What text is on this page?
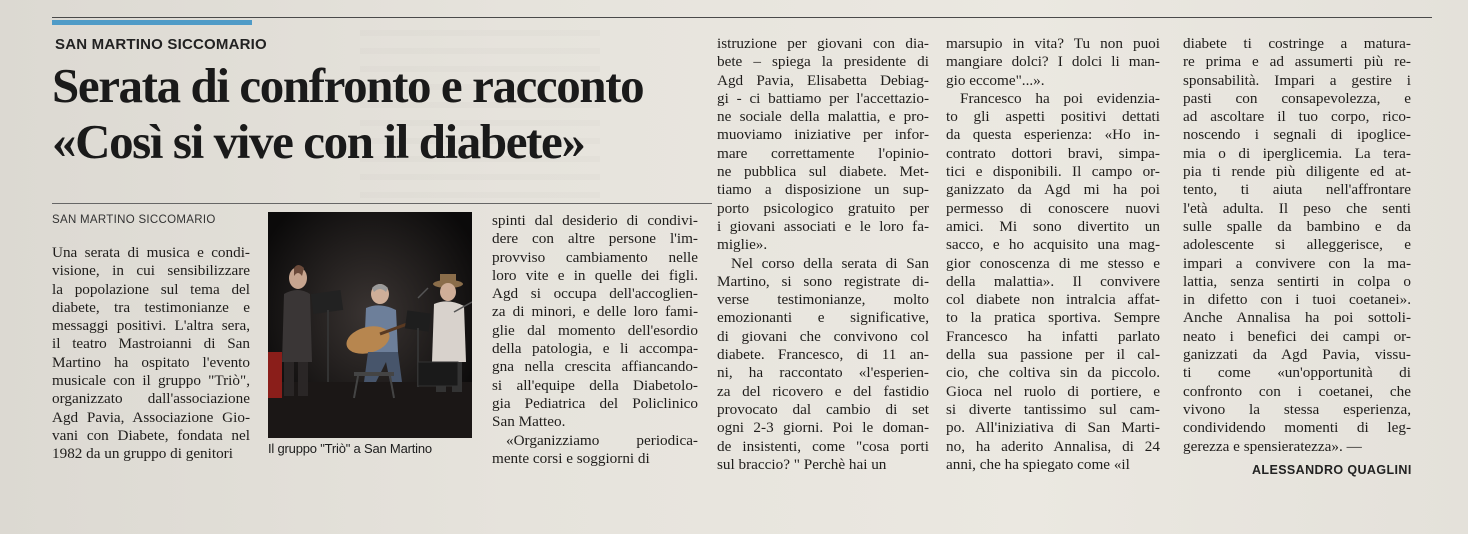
SAN MARTINO SICCOMARIO
Serata di confronto e racconto
«Così si vive con il diabete»
SAN MARTINO SICCOMARIO
Una serata di musica e condi-
visione, in cui sensibilizzare
la popolazione sul tema del
diabete, tra testimonianze e
messaggi positivi. L'altra sera,
il teatro Mastroianni di San
Martino ha ospitato l'evento
musicale con il gruppo "Triò",
organizzato dall'associazione
Agd Pavia, Associazione Gio-
vani con Diabete, fondata nel
1982 da un gruppo di genitori	Il gruppo "Triò" a San Martino
spinti dal desiderio di condivi-
dere con altre persone l'im-
provviso cambiamento nelle
loro vite e in quelle dei figli.
Agd si occupa dell'accoglien-
za di minori, e delle loro fami-
glie dal momento dell'esordio
della patologia, e li accompa-
gna nella crescita affiancando-
si all'equipe della Diabetolo-
gia Pediatrica del Policlinico
San Matteo.
«Organizziamo periodica-
mente corsi e soggiorni di
istruzione per giovani con dia-
bete – spiega la presidente di
Agd Pavia, Elisabetta Debiag-
gi - ci battiamo per l'accettazio-
ne sociale della malattia, e pro-
muoviamo iniziative per infor-
mare correttamente l'opinio-
ne pubblica sul diabete. Met-
tiamo a disposizione un sup-
porto psicologico gratuito per
i giovani associati e le loro fa-
miglie».
Nel corso della serata di San
Martino, si sono registrate di-
verse testimonianze, molto
emozionanti e significative,
di giovani che convivono col
diabete. Francesco, di 11 an-
ni, ha raccontato «l'esperien-
za del ricovero e del fastidio
provocato dal cambio di set
ogni 2-3 giorni. Poi le doman-
de insistenti, come "cosa porti
sul braccio? " Perchè hai un
marsupio in vita? Tu non puoi
mangiare dolci? I dolci li man-
gio eccome"...».
Francesco ha poi evidenzia-
to gli aspetti positivi dettati
da questa esperienza: «Ho in-
contrato dottori bravi, simpa-
tici e disponibili. Il campo or-
ganizzato da Agd mi ha poi
permesso di conoscere nuovi
amici. Mi sono divertito un
sacco, e ho acquisito una mag-
gior conoscenza di me stesso e
della malattia». Il convivere
col diabete non intralcia affat-
to la pratica sportiva. Sempre
Francesco ha infatti parlato
della sua passione per il cal-
cio, che coltiva sin da piccolo.
Gioca nel ruolo di portiere, e
si diverte tantissimo sul cam-
po. All'iniziativa di San Marti-
no, ha aderito Annalisa, di 24
anni, che ha spiegato come «il
diabete ti costringe a matura-
re prima e ad assumerti più re-
sponsabilità. Impari a gestire i
pasti con consapevolezza, e
ad ascoltare il tuo corpo, rico-
noscendo i segnali di ipoglice-
mia o di iperglicemia. La tera-
pia ti rende più diligente ed at-
tento, ti aiuta nell'affrontare
l'età adulta. Il peso che senti
sulle spalle da bambino e da
adolescente si alleggerisce, e
impari a convivere con la ma-
lattia, senza sentirti in colpa o
in difetto con i tuoi coetanei».
Anche Annalisa ha poi sottoli-
neato i benefici dei campi or-
ganizzati da Agd Pavia, vissu-
ti come «un'opportunità di
confronto con i coetanei, che
vivono la stessa esperienza,
condividendo momenti di leg-
gerezza e spensieratezza». —
ALESSANDRO QUAGLINI
